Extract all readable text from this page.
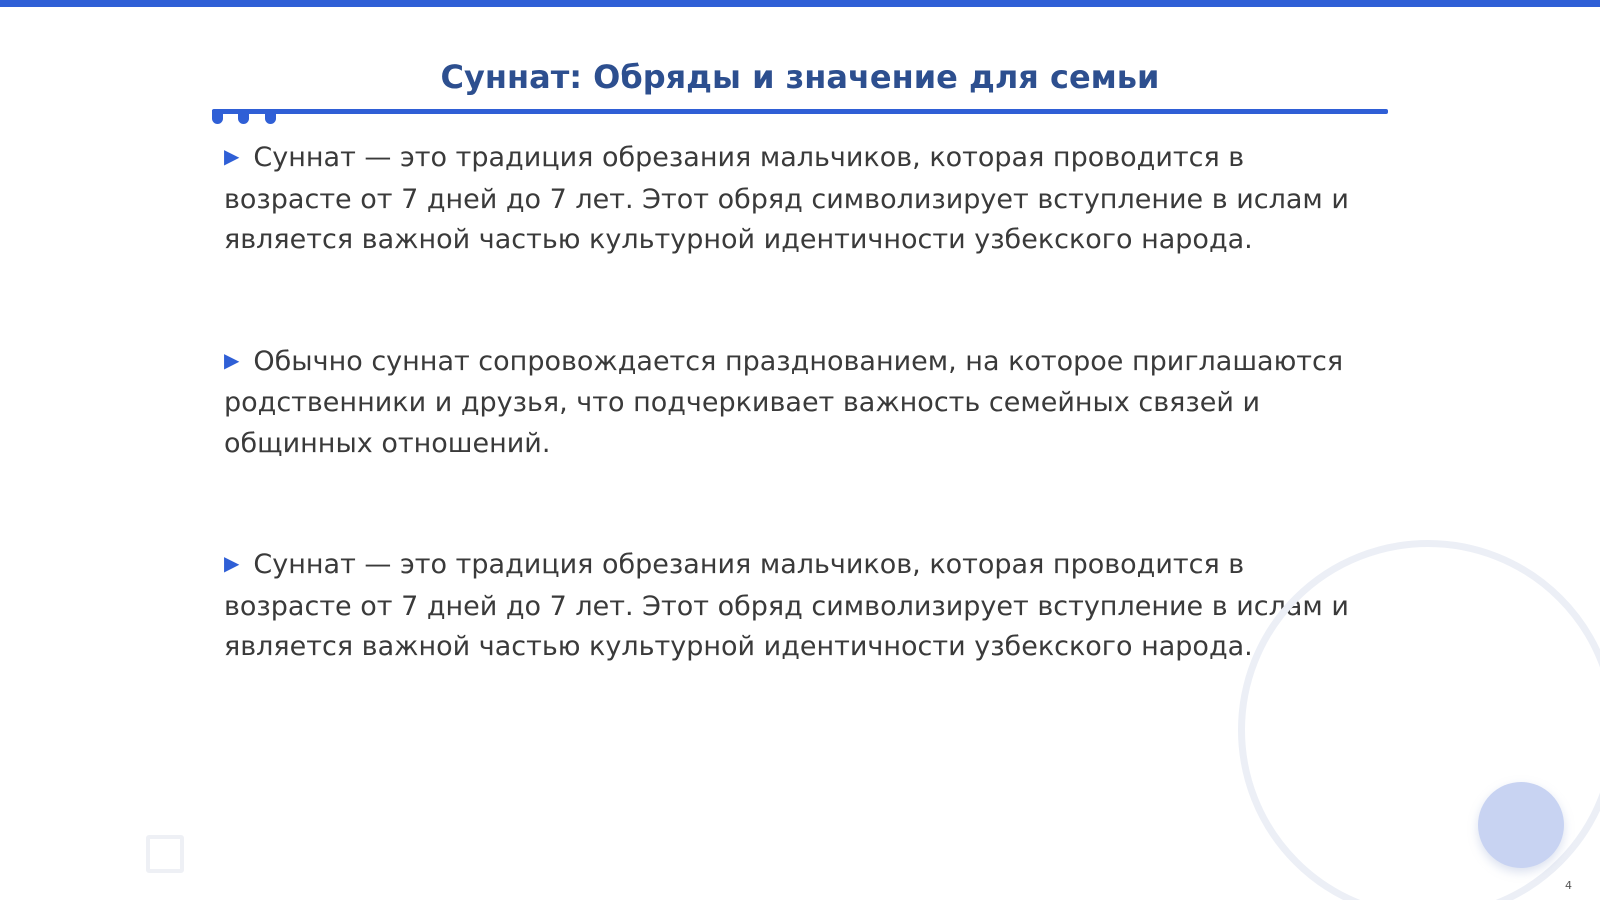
Суннат: Обряды и значение для семьи

▶ Суннат — это традиция обрезания мальчиков, которая проводится в возрасте от 7 дней до 7 лет. Этот обряд символизирует вступление в ислам и является важной частью культурной идентичности узбекского народа.

▶ Обычно суннат сопровождается празднованием, на которое приглашаются родственники и друзья, что подчеркивает важность семейных связей и общинных отношений.

▶ Суннат — это традиция обрезания мальчиков, которая проводится в возрасте от 7 дней до 7 лет. Этот обряд символизирует вступление в ислам и является важной частью культурной идентичности узбекского народа.

4
